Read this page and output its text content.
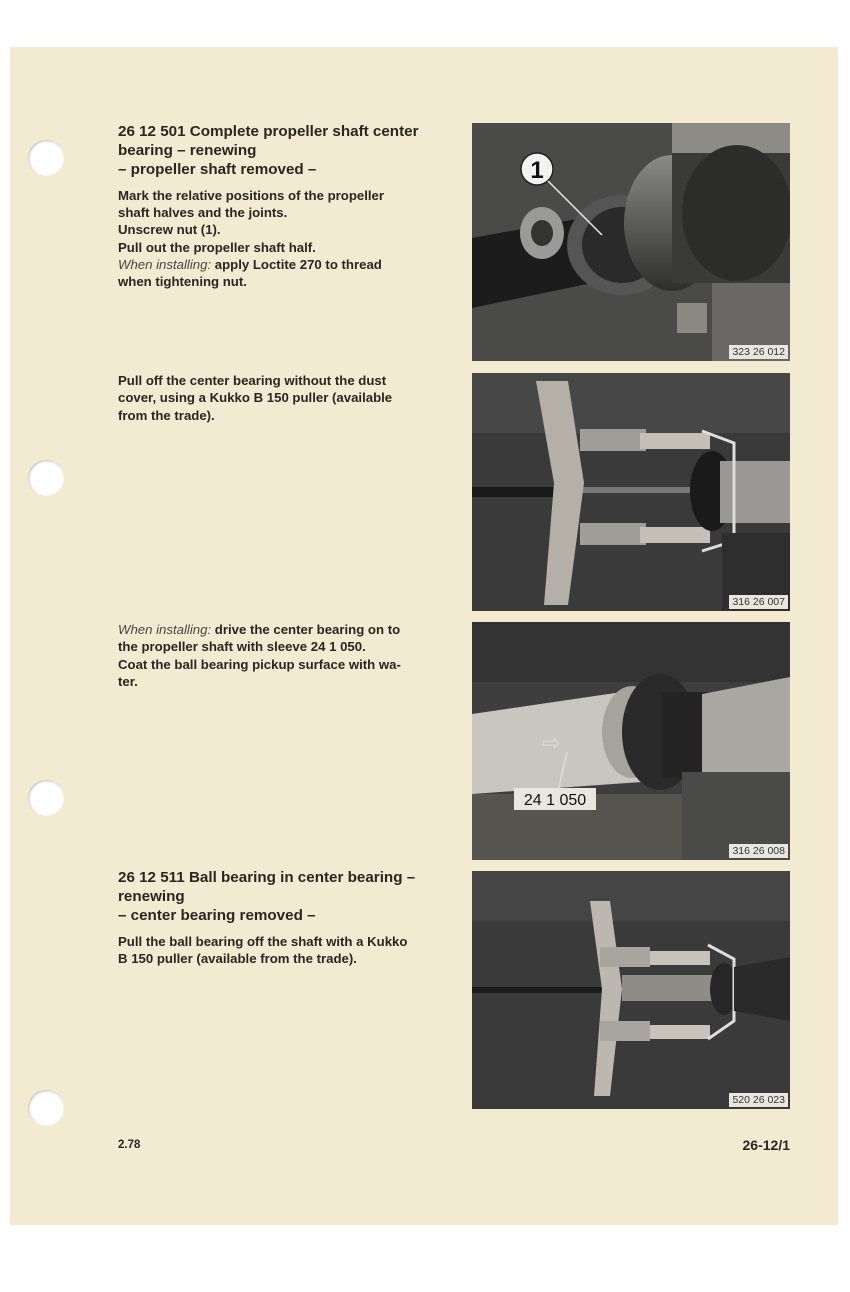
26 12 501 Complete propeller shaft center
bearing – renewing
– propeller shaft removed –
Mark the relative positions of the propeller
shaft halves and the joints.
Unscrew nut (1).
Pull out the propeller shaft half.
When installing: apply Loctite 270 to thread
when tightening nut.
Pull off the center bearing without the dust
cover, using a Kukko B 150 puller (available
from the trade).
When installing: drive the center bearing on to
the propeller shaft with sleeve 24 1 050.
Coat the ball bearing pickup surface with wa-
ter.
26 12 511 Ball bearing in center bearing –
renewing
– center bearing removed –
Pull the ball bearing off the shaft with a Kukko
B 150 puller (available from the trade).
1
323 26 012
316 26 007
⇨
24 1 050
316 26 008
520 26 023
2.78	26-12/1
